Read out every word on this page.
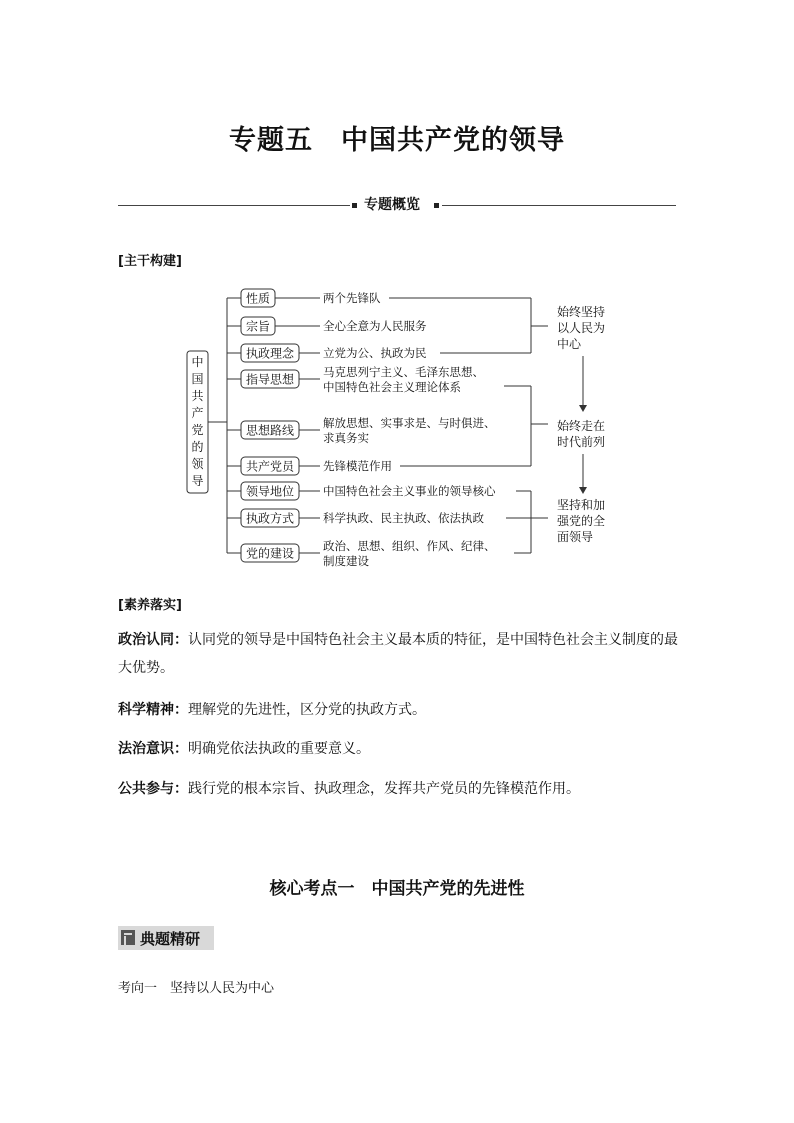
专题五　中国共产党的领导
专题概览
[主干构建]
中
国
共
产
党
的
领
导
性质	两个先锋队
宗旨	全心全意为人民服务
执政理念	立党为公、执政为民
指导思想
马克思列宁主义、毛泽东思想、
中国特色社会主义理论体系
思想路线
解放思想、实事求是、与时俱进、
求真务实
共产党员	先锋模范作用
领导地位	中国特色社会主义事业的领导核心
执政方式	科学执政、民主执政、依法执政
党的建设
政治、思想、组织、作风、纪律、
制度建设
始终坚持
以人民为
中心
始终走在
时代前列
坚持和加
强党的全
面领导
[素养落实]
政治认同：认同党的领导是中国特色社会主义最本质的特征，是中国特色社会主义制度的最大优势。
科学精神：理解党的先进性，区分党的执政方式。
法治意识：明确党依法执政的重要意义。
公共参与：践行党的根本宗旨、执政理念，发挥共产党员的先锋模范作用。
核心考点一　中国共产党的先进性
典题精研
考向一　坚持以人民为中心
